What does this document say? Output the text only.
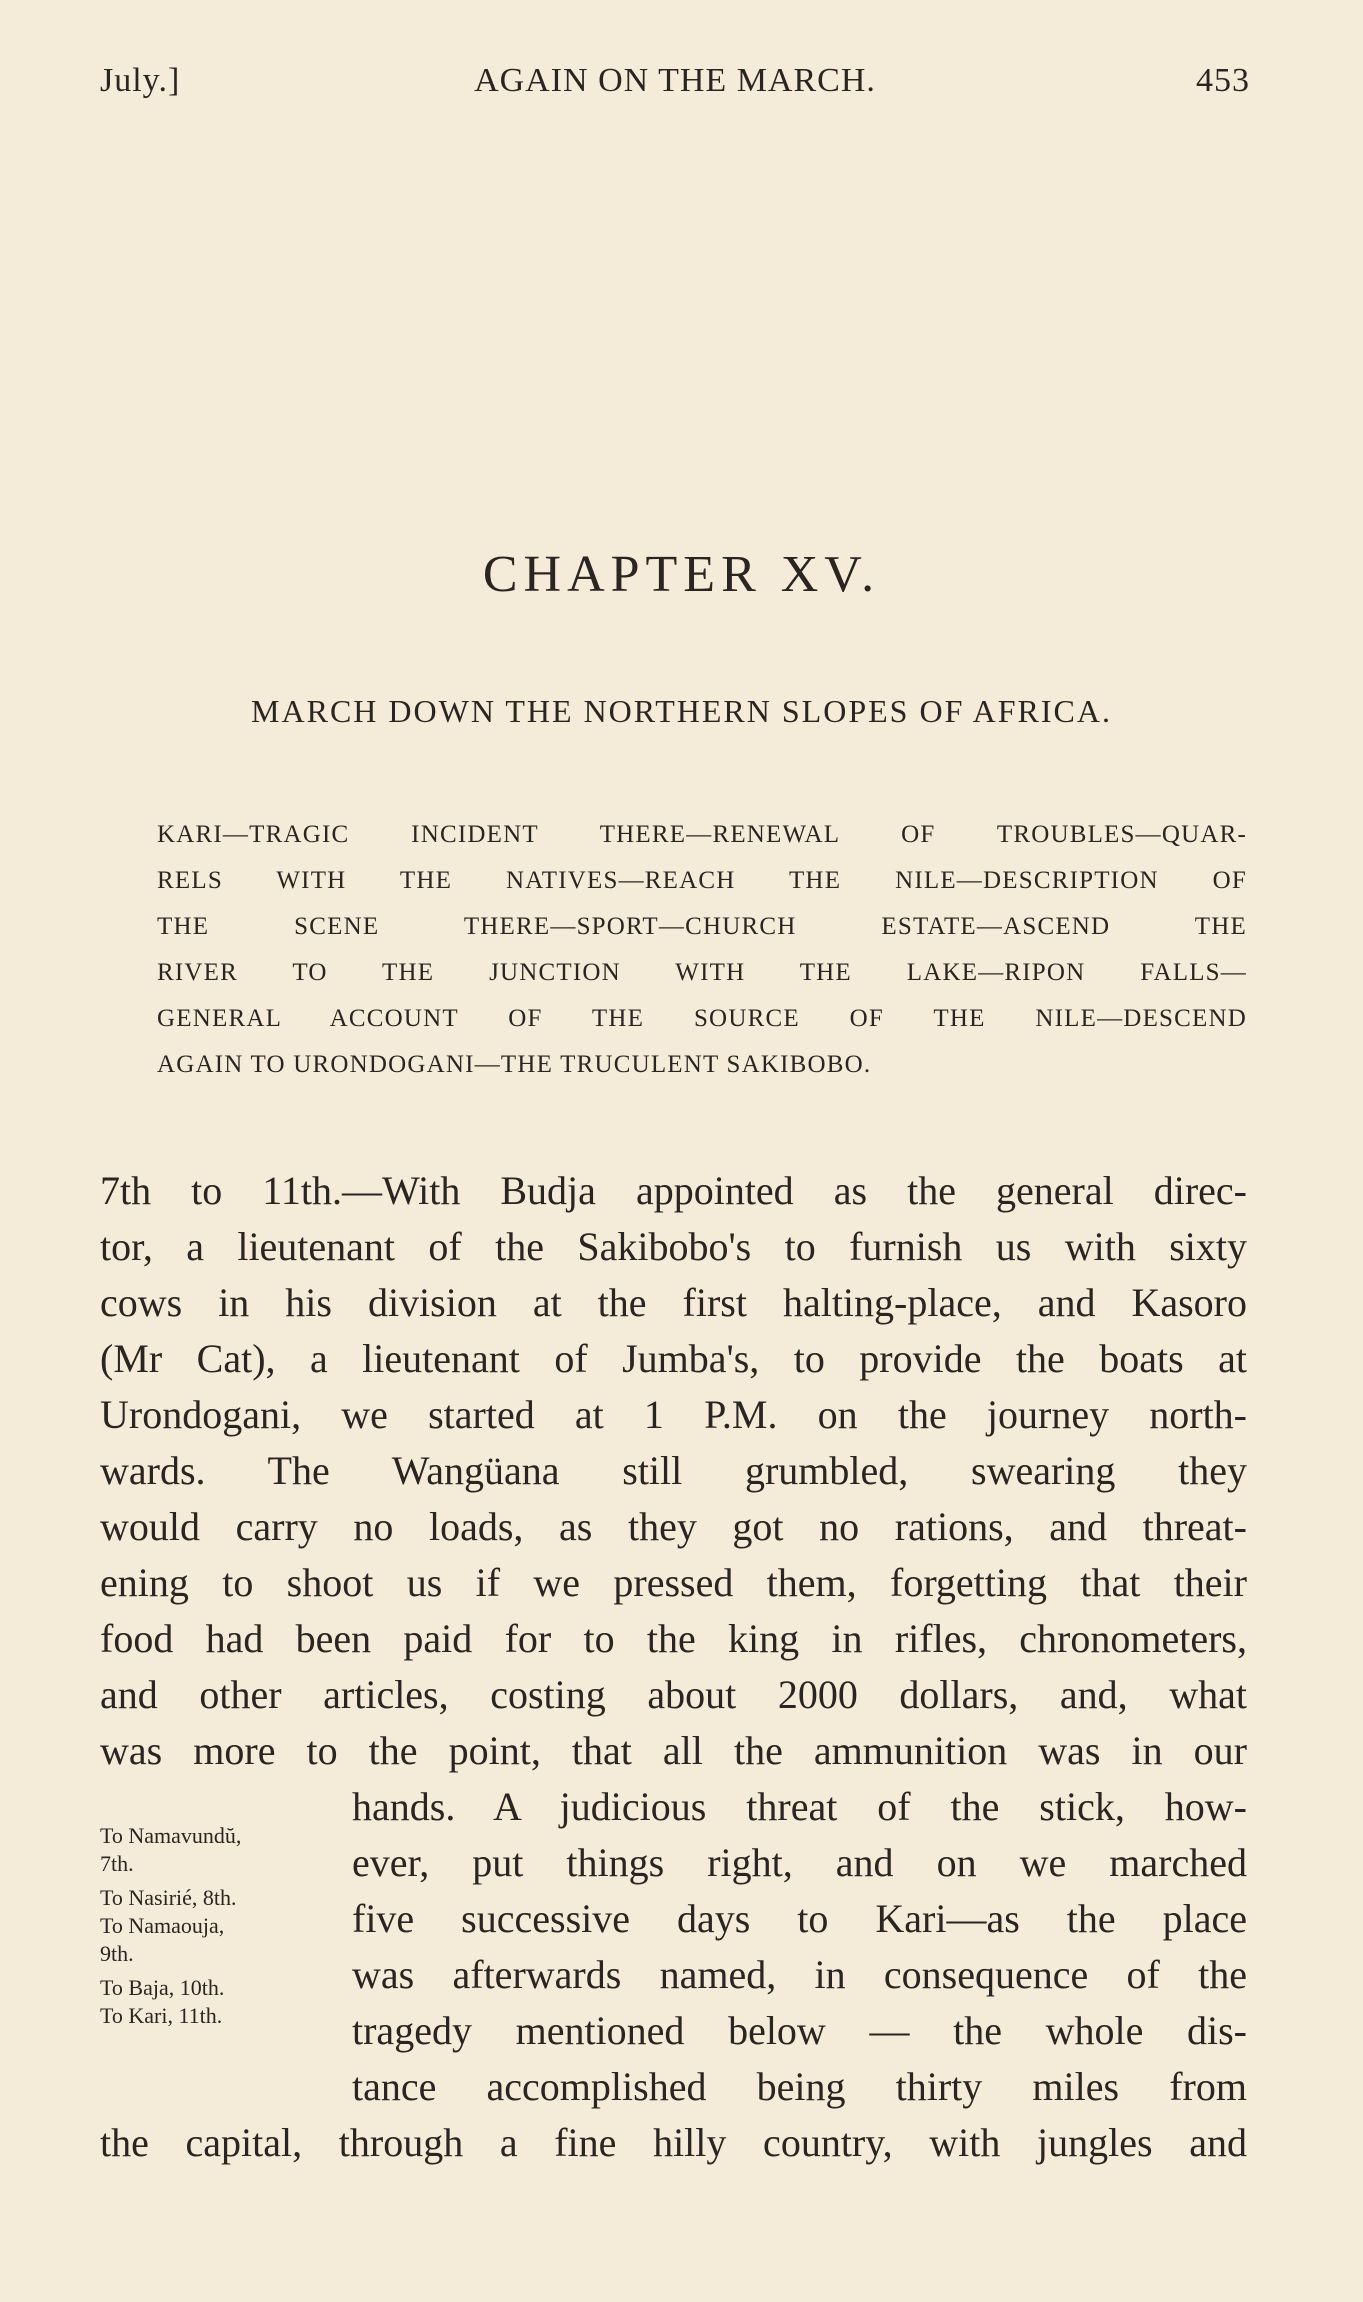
July.]	AGAIN ON THE MARCH.	453
CHAPTER XV.
MARCH DOWN THE NORTHERN SLOPES OF AFRICA.
KARI—TRAGIC INCIDENT THERE—RENEWAL OF TROUBLES—QUAR-
RELS WITH THE NATIVES—REACH THE NILE—DESCRIPTION OF
THE SCENE THERE—SPORT—CHURCH ESTATE—ASCEND THE
RIVER TO THE JUNCTION WITH THE LAKE—RIPON FALLS—
GENERAL ACCOUNT OF THE SOURCE OF THE NILE—DESCEND
AGAIN TO URONDOGANI—THE TRUCULENT SAKIBOBO.
7th to 11th.—With Budja appointed as the general direc-
tor, a lieutenant of the Sakibobo's to furnish us with sixty
cows in his division at the first halting-place, and Kasoro
(Mr Cat), a lieutenant of Jumba's, to provide the boats at
Urondogani, we started at 1 P.M. on the journey north-
wards. The Wangüana still grumbled, swearing they
would carry no loads, as they got no rations, and threat-
ening to shoot us if we pressed them, forgetting that their
food had been paid for to the king in rifles, chronometers,
and other articles, costing about 2000 dollars, and, what
was more to the point, that all the ammunition was in our
To Namavundŭ,
7th.
To Nasirié, 8th.
To Namaouja,
9th.
To Baja, 10th.
To Kari, 11th.
hands. A judicious threat of the stick, how-
ever, put things right, and on we marched
five successive days to Kari—as the place
was afterwards named, in consequence of the
tragedy mentioned below — the whole dis-
tance accomplished being thirty miles from
the capital, through a fine hilly country, with jungles and
